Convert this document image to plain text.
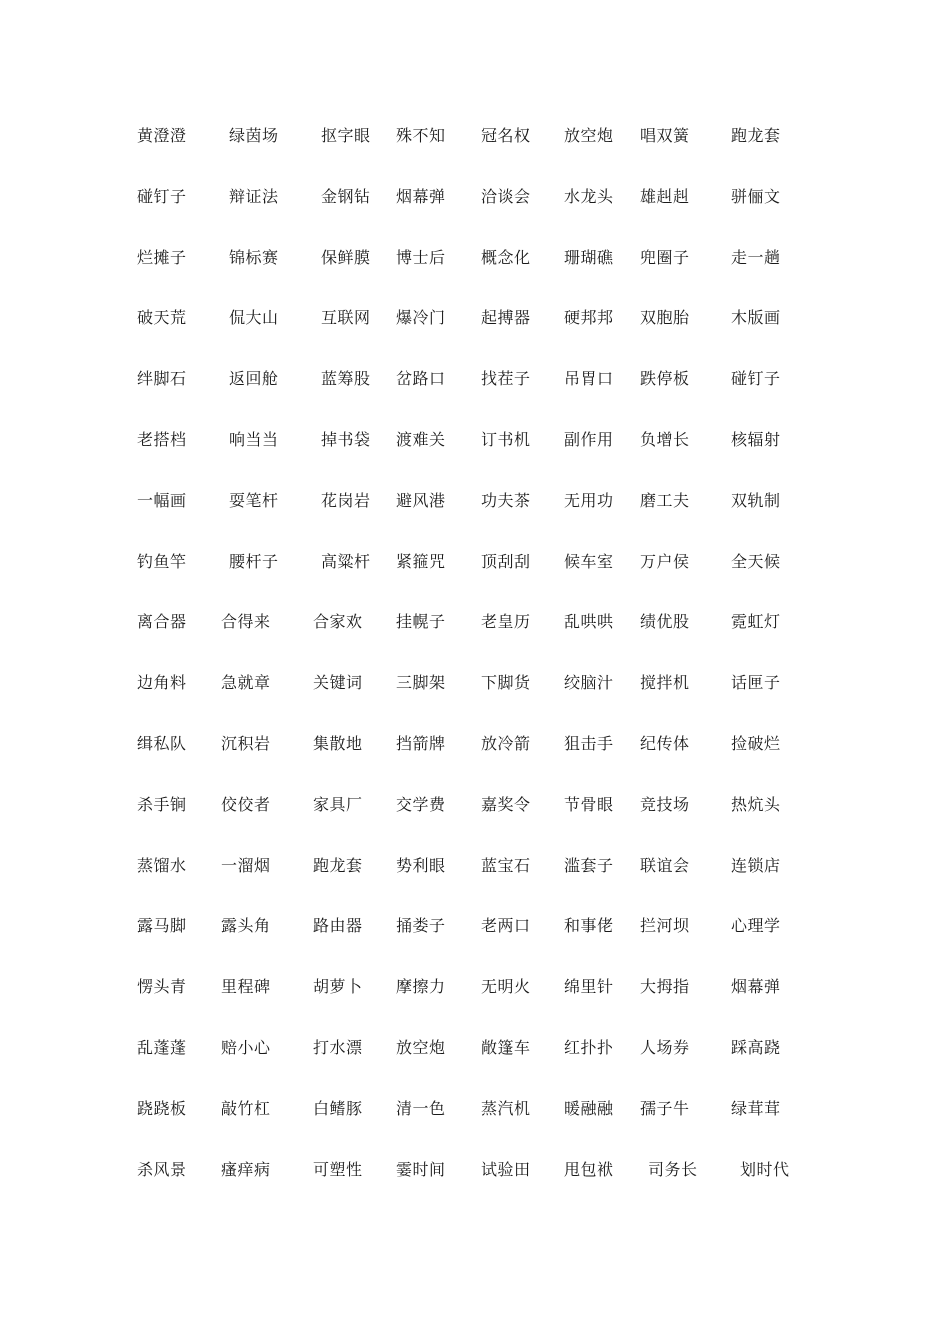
黄澄澄	绿茵场	抠字眼 殊不知 冠名权 放空炮 唱双簧	跑龙套
碰钉子	辩证法	金钢钻 烟幕弹 洽谈会 水龙头 雄赳赳	骈俪文
烂摊子	锦标赛	保鲜膜 博士后 概念化 珊瑚礁 兜圈子	走一趟
破天荒	侃大山	互联网 爆冷门 起搏器 硬邦邦 双胞胎	木版画
绊脚石	返回舱	蓝筹股 岔路口 找茬子 吊胃口 跌停板	碰钉子
老搭档	响当当	掉书袋 渡难关 订书机 副作用 负增长	核辐射
一幅画	耍笔杆	花岗岩 避风港 功夫茶 无用功 磨工夫	双轨制
钓鱼竿	腰杆子	高粱杆 紧箍咒 顶刮刮 候车室 万户侯	全天候
离合器 合得来	合家欢 挂幌子 老皇历 乱哄哄 绩优股	霓虹灯
边角料 急就章	关键词 三脚架 下脚货 绞脑汁 搅拌机	话匣子
缉私队 沉积岩	集散地 挡箭牌 放冷箭 狙击手 纪传体	捡破烂
杀手锏 佼佼者	家具厂 交学费 嘉奖令 节骨眼 竞技场	热炕头
蒸馏水 一溜烟	跑龙套 势利眼 蓝宝石 滥套子 联谊会	连锁店
露马脚 露头角	路由器 捅娄子 老两口 和事佬 拦河坝	心理学
愣头青 里程碑	胡萝卜 摩擦力 无明火 绵里针 大拇指	烟幕弹
乱蓬蓬 赔小心	打水漂 放空炮 敞篷车 红扑扑 人场券	踩高跷
跷跷板 敲竹杠	白鳍豚 清一色 蒸汽机 暖融融 孺子牛	绿茸茸
杀风景 瘙痒病	可塑性 霎时间 试验田 甩包袱 司务长	划时代
